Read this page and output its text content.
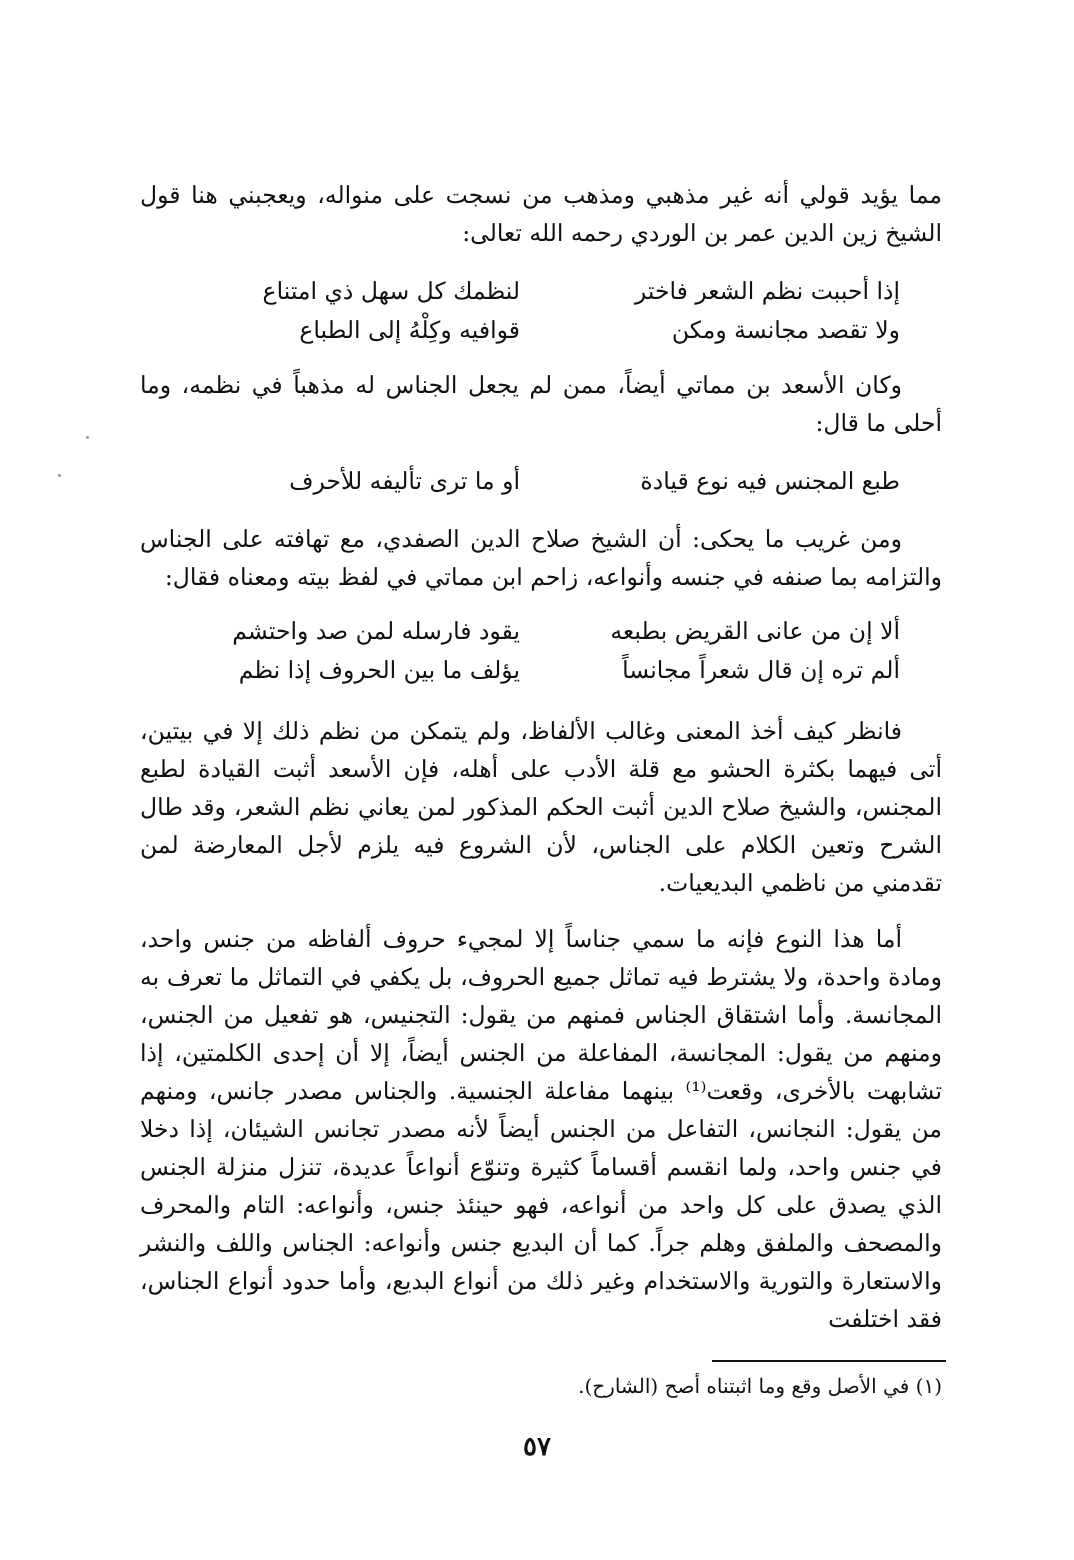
مما يؤيد قولي أنه غير مذهبي ومذهب من نسجت على منواله، ويعجبني هنا قول الشيخ زين الدين عمر بن الوردي رحمه الله تعالى:
إذا أحببت نظم الشعر فاختر
لنظمك كل سهل ذي امتناع
ولا تقصد مجانسة ومكن
قوافيه وكِلْهُ إلى الطباع
وكان الأسعد بن مماتي أيضاً، ممن لم يجعل الجناس له مذهباً في نظمه، وما أحلى ما قال:
طبع المجنس فيه نوع قيادة
أو ما ترى تأليفه للأحرف
ومن غريب ما يحكى: أن الشيخ صلاح الدين الصفدي، مع تهافته على الجناس والتزامه بما صنفه في جنسه وأنواعه، زاحم ابن مماتي في لفظ بيته ومعناه فقال:
ألا إن من عانى القريض بطبعه
يقود فارسله لمن صد واحتشم
ألم تره إن قال شعراً مجانساً
يؤلف ما بين الحروف إذا نظم
فانظر كيف أخذ المعنى وغالب الألفاظ، ولم يتمكن من نظم ذلك إلا في بيتين، أتى فيهما بكثرة الحشو مع قلة الأدب على أهله، فإن الأسعد أثبت القيادة لطبع المجنس، والشيخ صلاح الدين أثبت الحكم المذكور لمن يعاني نظم الشعر، وقد طال الشرح وتعين الكلام على الجناس، لأن الشروع فيه يلزم لأجل المعارضة لمن تقدمني من ناظمي البديعيات.
أما هذا النوع فإنه ما سمي جناساً إلا لمجيء حروف ألفاظه من جنس واحد، ومادة واحدة، ولا يشترط فيه تماثل جميع الحروف، بل يكفي في التماثل ما تعرف به المجانسة. وأما اشتقاق الجناس فمنهم من يقول: التجنيس، هو تفعيل من الجنس، ومنهم من يقول: المجانسة، المفاعلة من الجنس أيضاً، إلا أن إحدى الكلمتين، إذا تشابهت بالأخرى، وقعت⁽¹⁾ بينهما مفاعلة الجنسية. والجناس مصدر جانس، ومنهم من يقول: النجانس، التفاعل من الجنس أيضاً لأنه مصدر تجانس الشيئان، إذا دخلا في جنس واحد، ولما انقسم أقساماً كثيرة وتنوّع أنواعاً عديدة، تنزل منزلة الجنس الذي يصدق على كل واحد من أنواعه، فهو حينئذ جنس، وأنواعه: التام والمحرف والمصحف والملفق وهلم جراً. كما أن البديع جنس وأنواعه: الجناس واللف والنشر والاستعارة والتورية والاستخدام وغير ذلك من أنواع البديع، وأما حدود أنواع الجناس، فقد اختلفت
(١) في الأصل وقع وما اثبتناه أصح (الشارح).
٥٧
